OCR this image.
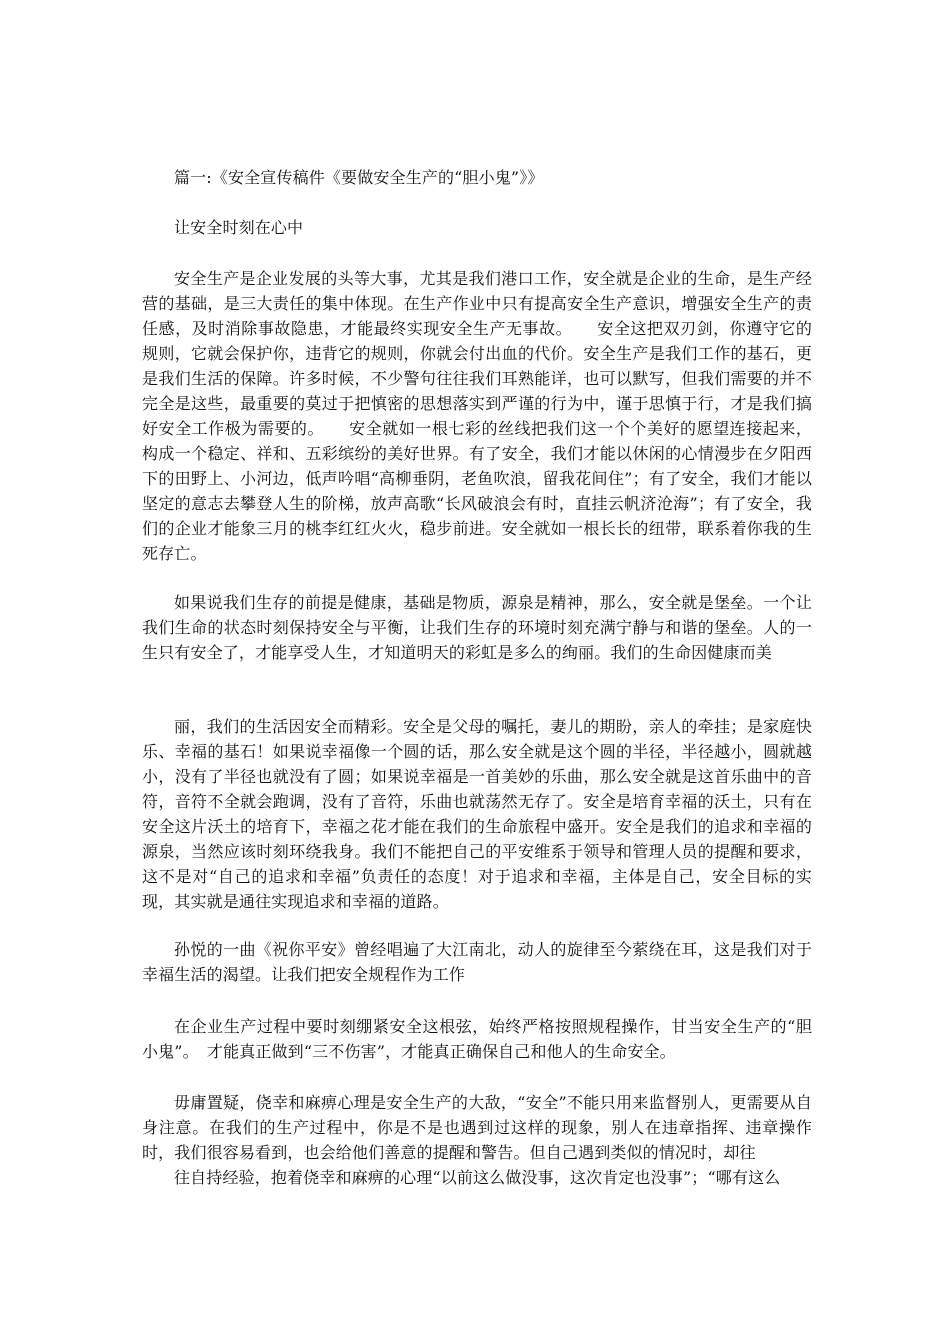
篇一:《安全宣传稿件《要做安全生产的“胆小鬼”》》

让安全时刻在心中

安全生产是企业发展的头等大事，尤其是我们港口工作，安全就是企业的生命，是生产经营的基础，是三大责任的集中体现。在生产作业中只有提高安全生产意识，增强安全生产的责任感，及时消除事故隐患，才能最终实现安全生产无事故。　　安全这把双刃剑，你遵守它的规则，它就会保护你，违背它的规则，你就会付出血的代价。安全生产是我们工作的基石，更是我们生活的保障。许多时候，不少警句往往我们耳熟能详，也可以默写，但我们需要的并不完全是这些，最重要的莫过于把慎密的思想落实到严谨的行为中，谨于思慎于行，才是我们搞好安全工作极为需要的。　　安全就如一根七彩的丝线把我们这一个个美好的愿望连接起来，构成一个稳定、祥和、五彩缤纷的美好世界。有了安全，我们才能以休闲的心情漫步在夕阳西下的田野上、小河边，低声吟唱“高柳垂阴，老鱼吹浪，留我花间住”；有了安全，我们才能以坚定的意志去攀登人生的阶梯，放声高歌“长风破浪会有时，直挂云帆济沧海”；有了安全，我们的企业才能象三月的桃李红红火火，稳步前进。安全就如一根长长的纽带，联系着你我的生死存亡。

如果说我们生存的前提是健康，基础是物质，源泉是精神，那么，安全就是堡垒。一个让我们生命的状态时刻保持安全与平衡，让我们生存的环境时刻充满宁静与和谐的堡垒。人的一生只有安全了，才能享受人生，才知道明天的彩虹是多么的绚丽。我们的生命因健康而美

丽，我们的生活因安全而精彩。安全是父母的嘱托，妻儿的期盼，亲人的牵挂；是家庭快乐、幸福的基石！如果说幸福像一个圆的话，那么安全就是这个圆的半径，半径越小，圆就越小，没有了半径也就没有了圆；如果说幸福是一首美妙的乐曲，那么安全就是这首乐曲中的音符，音符不全就会跑调，没有了音符，乐曲也就荡然无存了。安全是培育幸福的沃土，只有在安全这片沃土的培育下，幸福之花才能在我们的生命旅程中盛开。安全是我们的追求和幸福的源泉，当然应该时刻环绕我身。我们不能把自己的平安维系于领导和管理人员的提醒和要求，这不是对“自己的追求和幸福”负责任的态度！对于追求和幸福，主体是自己，安全目标的实现，其实就是通往实现追求和幸福的道路。

孙悦的一曲《祝你平安》曾经唱遍了大江南北，动人的旋律至今萦绕在耳，这是我们对于幸福生活的渴望。让我们把安全规程作为工作

在企业生产过程中要时刻绷紧安全这根弦，始终严格按照规程操作，甘当安全生产的“胆小鬼”。　才能真正做到“三不伤害”，才能真正确保自己和他人的生命安全。

毋庸置疑，侥幸和麻痹心理是安全生产的大敌，“安全”不能只用来监督别人，更需要从自身注意。在我们的生产过程中，你是不是也遇到过这样的现象，别人在违章指挥、违章操作时，我们很容易看到，也会给他们善意的提醒和警告。但自己遇到类似的情况时，却往

往自持经验，抱着侥幸和麻痹的心理“以前这么做没事，这次肯定也没事”；“哪有这么
